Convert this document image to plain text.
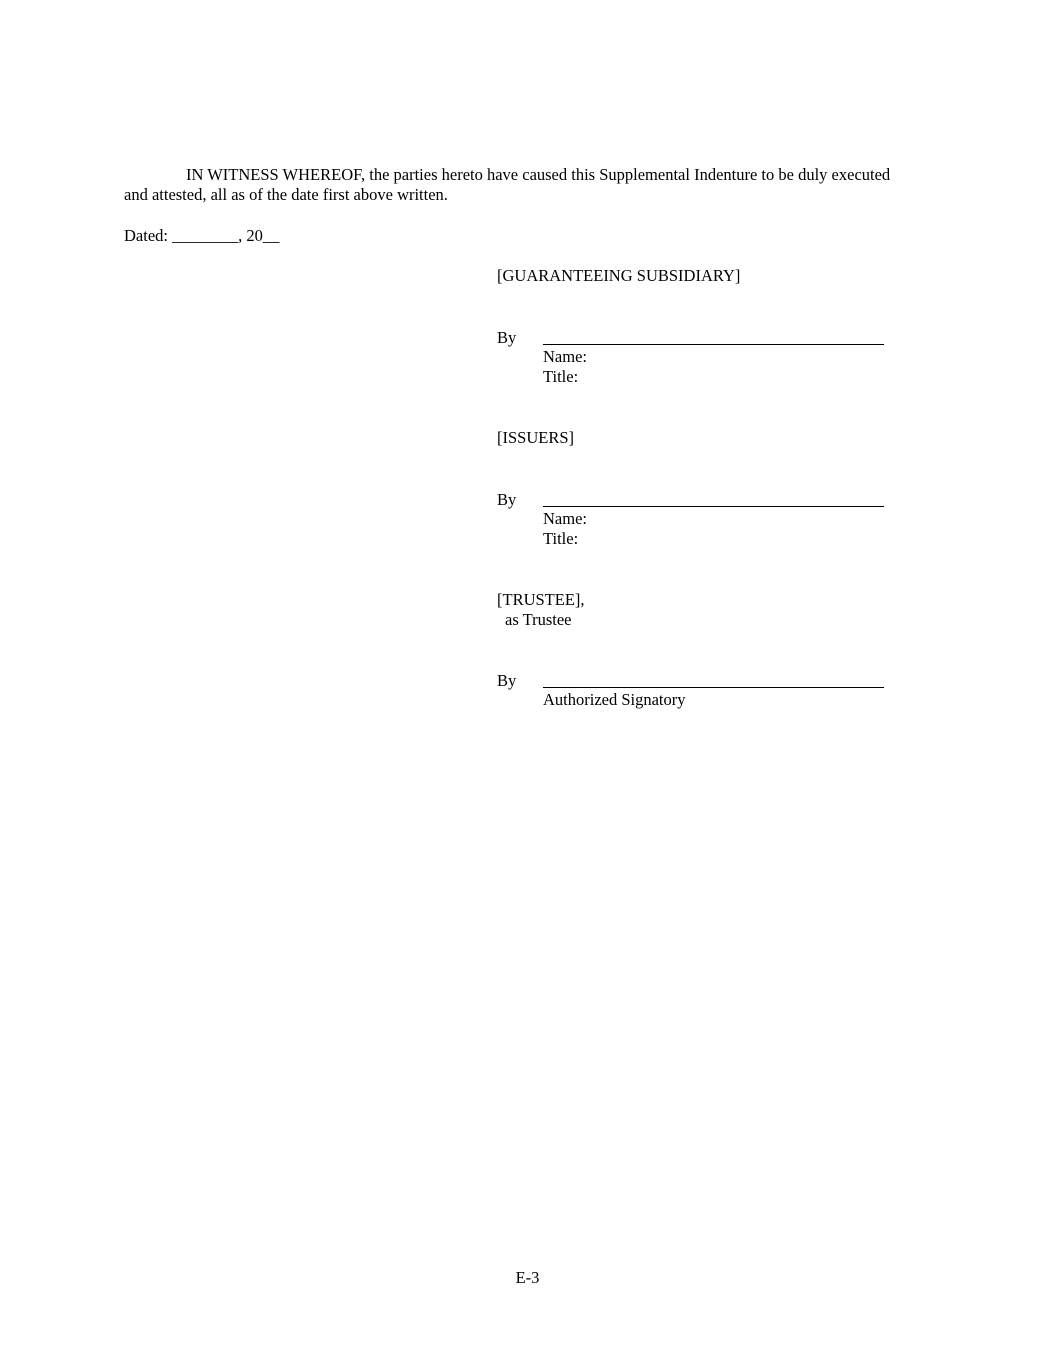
IN WITNESS WHEREOF, the parties hereto have caused this Supplemental Indenture to be duly executed
and attested, all as of the date first above written.
Dated: ________, 20__
[GUARANTEEING SUBSIDIARY]
By
Name:
Title:
[ISSUERS]
By
Name:
Title:
[TRUSTEE],
as Trustee
By
Authorized Signatory
E-3
